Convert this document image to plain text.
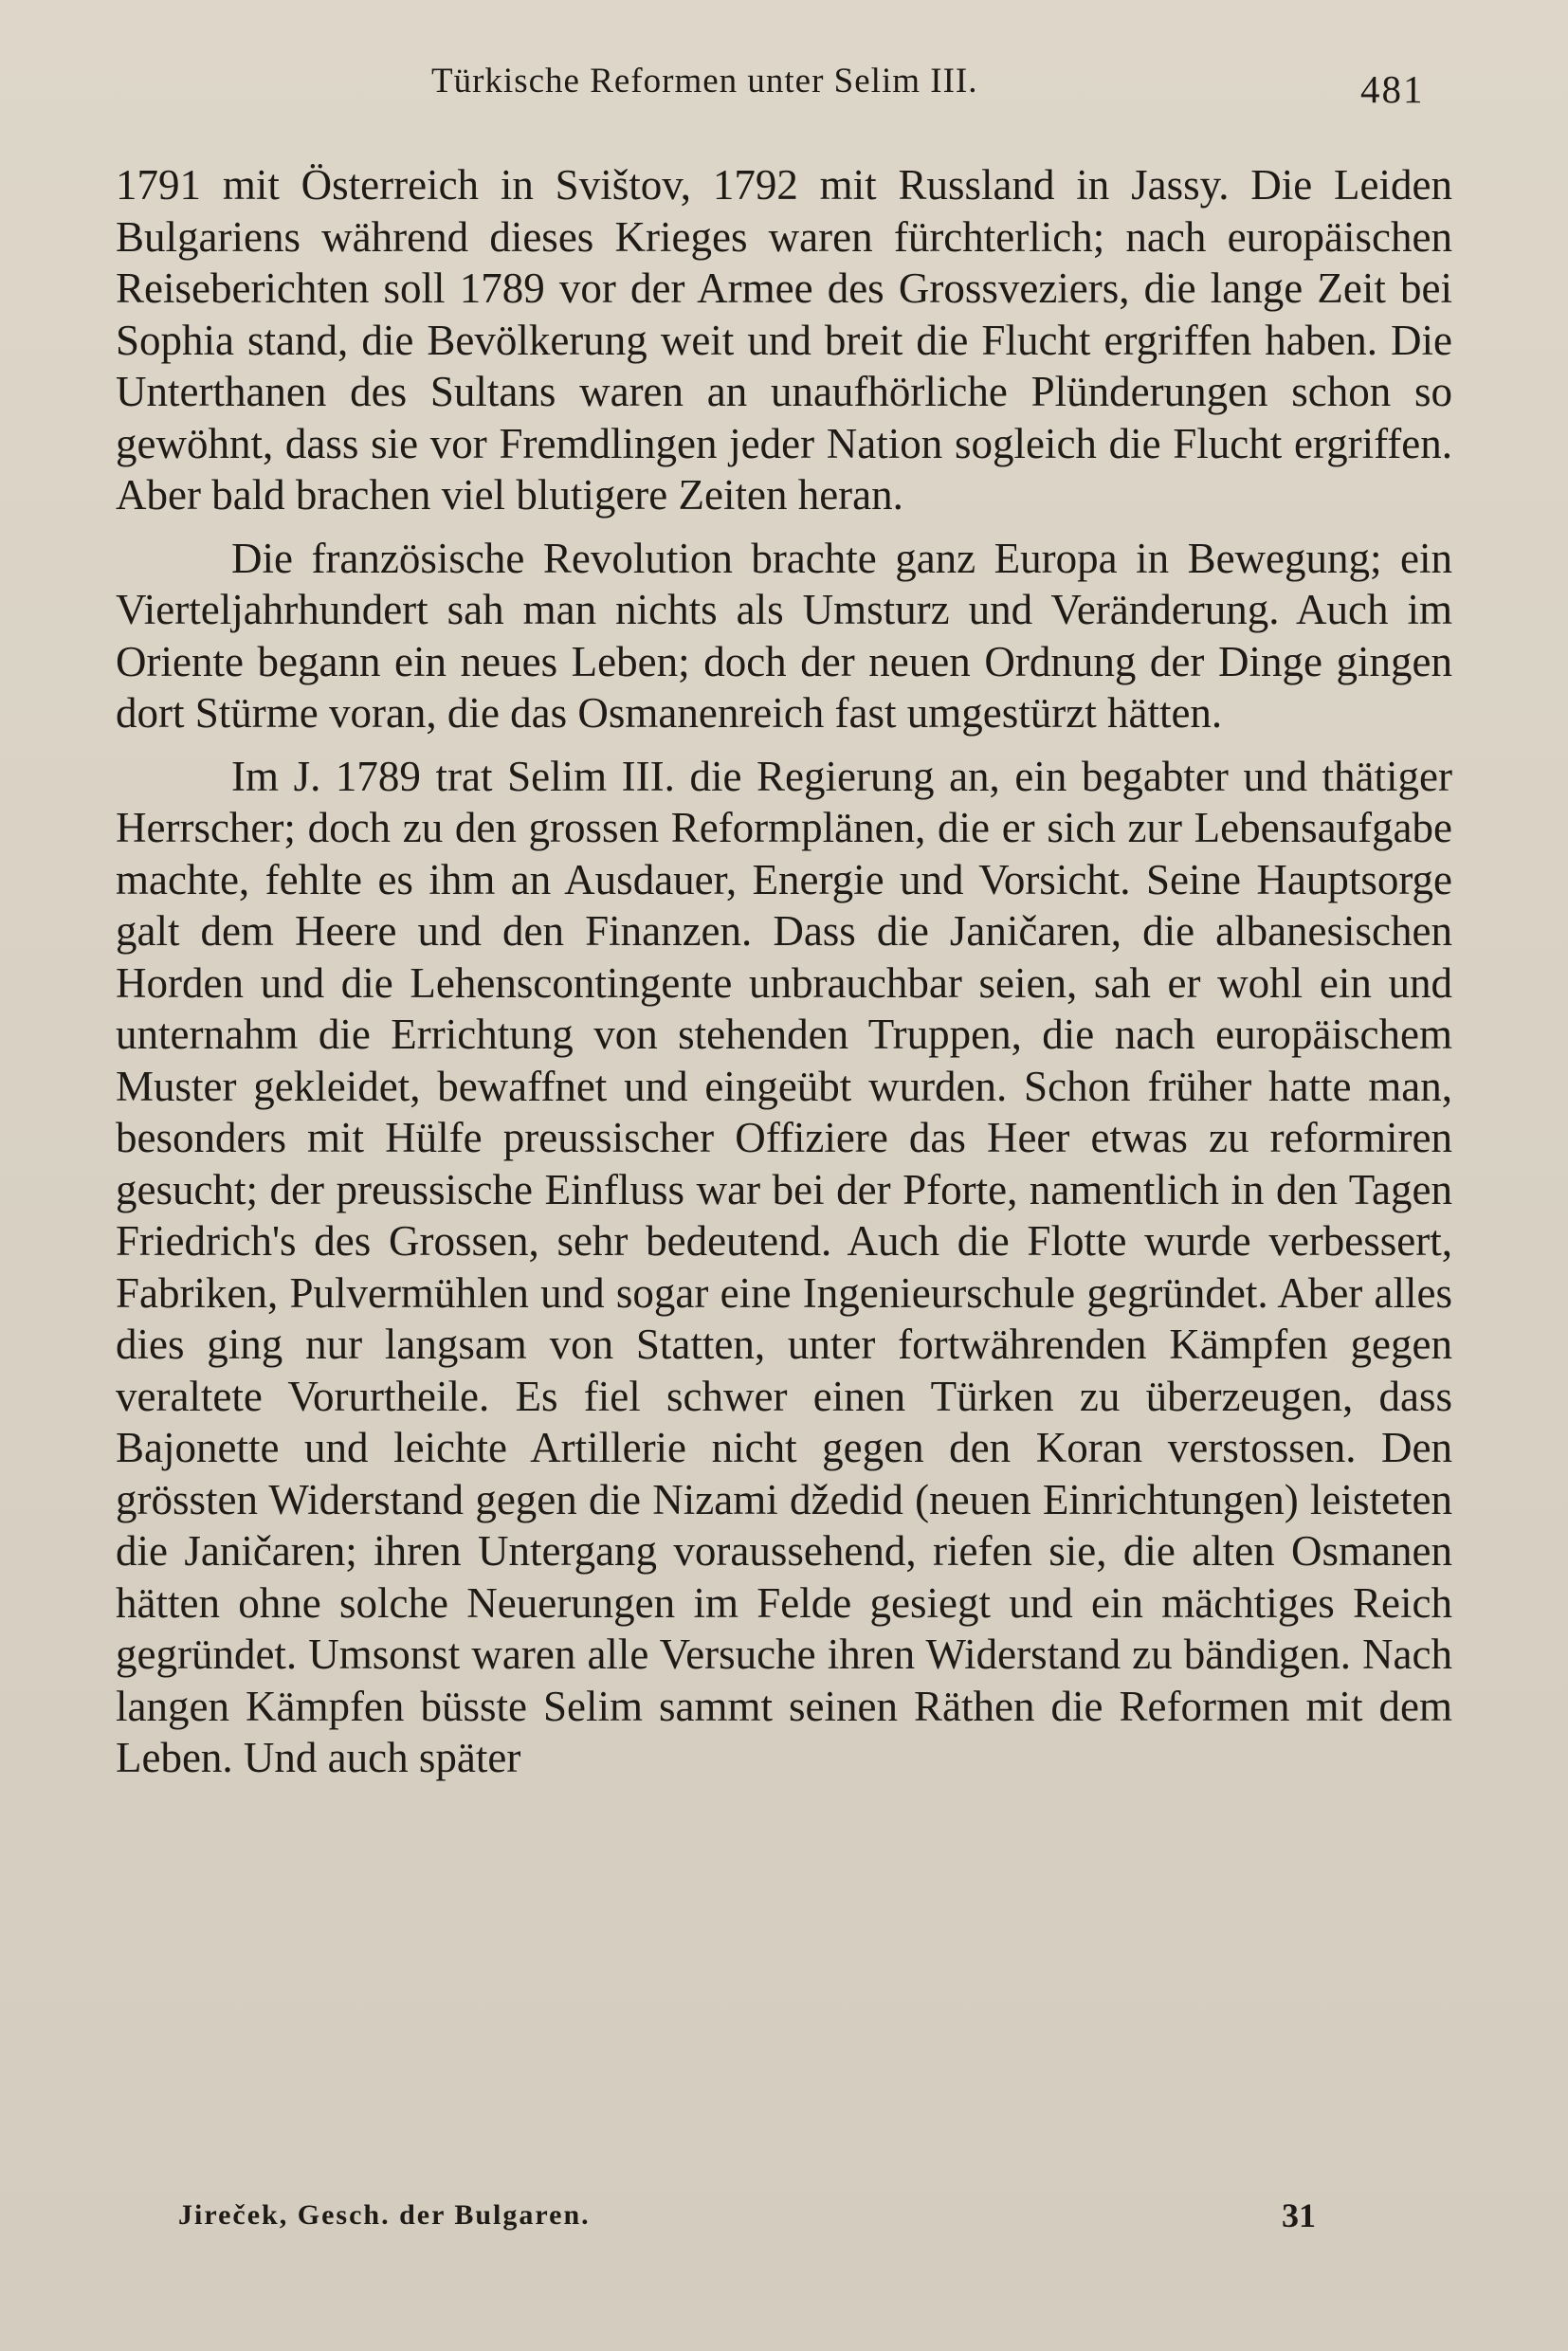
Türkische Reformen unter Selim III.	481

1791 mit Österreich in Svištov, 1792 mit Russland in Jassy. Die Leiden Bulgariens während dieses Krieges waren fürchterlich; nach europäischen Reiseberichten soll 1789 vor der Armee des Grossveziers, die lange Zeit bei Sophia stand, die Bevölkerung weit und breit die Flucht ergriffen haben. Die Unterthanen des Sultans waren an unaufhörliche Plünderungen schon so gewöhnt, dass sie vor Fremdlingen jeder Nation sogleich die Flucht ergriffen. Aber bald brachen viel blutigere Zeiten heran.

Die französische Revolution brachte ganz Europa in Bewegung; ein Vierteljahrhundert sah man nichts als Umsturz und Veränderung. Auch im Oriente begann ein neues Leben; doch der neuen Ordnung der Dinge gingen dort Stürme voran, die das Osmanenreich fast umgestürzt hätten.

Im J. 1789 trat Selim III. die Regierung an, ein begabter und thätiger Herrscher; doch zu den grossen Reformplänen, die er sich zur Lebensaufgabe machte, fehlte es ihm an Ausdauer, Energie und Vorsicht. Seine Hauptsorge galt dem Heere und den Finanzen. Dass die Janičaren, die albanesischen Horden und die Lehenscontingente unbrauchbar seien, sah er wohl ein und unternahm die Errichtung von stehenden Truppen, die nach europäischem Muster gekleidet, bewaffnet und eingeübt wurden. Schon früher hatte man, besonders mit Hülfe preussischer Offiziere das Heer etwas zu reformiren gesucht; der preussische Einfluss war bei der Pforte, namentlich in den Tagen Friedrich's des Grossen, sehr bedeutend. Auch die Flotte wurde verbessert, Fabriken, Pulvermühlen und sogar eine Ingenieurschule gegründet. Aber alles dies ging nur langsam von Statten, unter fortwährenden Kämpfen gegen veraltete Vorurtheile. Es fiel schwer einen Türken zu überzeugen, dass Bajonette und leichte Artillerie nicht gegen den Koran verstossen. Den grössten Widerstand gegen die Nizami džedid (neuen Einrichtungen) leisteten die Janičaren; ihren Untergang voraussehend, riefen sie, die alten Osmanen hätten ohne solche Neuerungen im Felde gesiegt und ein mächtiges Reich gegründet. Umsonst waren alle Versuche ihren Widerstand zu bändigen. Nach langen Kämpfen büsste Selim sammt seinen Räthen die Reformen mit dem Leben. Und auch später

Jireček, Gesch. der Bulgaren.	31
